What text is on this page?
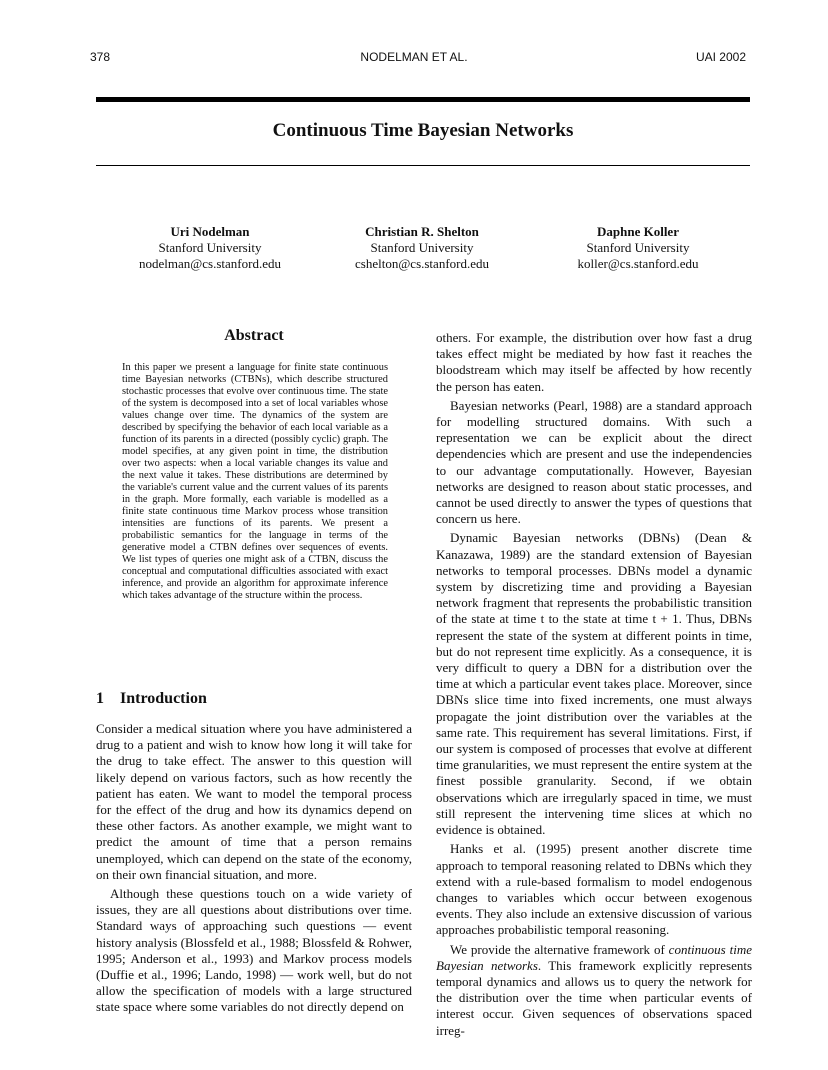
378	NODELMAN ET AL.	UAI 2002
Continuous Time Bayesian Networks
Uri Nodelman
Stanford University
nodelman@cs.stanford.edu
Christian R. Shelton
Stanford University
cshelton@cs.stanford.edu
Daphne Koller
Stanford University
koller@cs.stanford.edu
Abstract
In this paper we present a language for finite state continuous time Bayesian networks (CTBNs), which describe structured stochastic processes that evolve over continuous time. The state of the system is decomposed into a set of local variables whose values change over time. The dynamics of the system are described by specifying the behavior of each local variable as a function of its parents in a directed (possibly cyclic) graph. The model specifies, at any given point in time, the distribution over two aspects: when a local variable changes its value and the next value it takes. These distributions are determined by the variable's current value and the current values of its parents in the graph. More formally, each variable is modelled as a finite state continuous time Markov process whose transition intensities are functions of its parents. We present a probabilistic semantics for the language in terms of the generative model a CTBN defines over sequences of events. We list types of queries one might ask of a CTBN, discuss the conceptual and computational difficulties associated with exact inference, and provide an algorithm for approximate inference which takes advantage of the structure within the process.
1 Introduction

Consider a medical situation where you have administered a drug to a patient and wish to know how long it will take for the drug to take effect. The answer to this question will likely depend on various factors, such as how recently the patient has eaten. We want to model the temporal process for the effect of the drug and how its dynamics depend on these other factors. As another example, we might want to predict the amount of time that a person remains unemployed, which can depend on the state of the economy, on their own financial situation, and more.

Although these questions touch on a wide variety of issues, they are all questions about distributions over time. Standard ways of approaching such questions — event history analysis (Blossfeld et al., 1988; Blossfeld & Rohwer, 1995; Anderson et al., 1993) and Markov process models (Duffie et al., 1996; Lando, 1998) — work well, but do not allow the specification of models with a large structured state space where some variables do not directly depend on

others. For example, the distribution over how fast a drug takes effect might be mediated by how fast it reaches the bloodstream which may itself be affected by how recently the person has eaten.

Bayesian networks (Pearl, 1988) are a standard approach for modelling structured domains. With such a representation we can be explicit about the direct dependencies which are present and use the independencies to our advantage computationally. However, Bayesian networks are designed to reason about static processes, and cannot be used directly to answer the types of questions that concern us here.

Dynamic Bayesian networks (DBNs) (Dean & Kanazawa, 1989) are the standard extension of Bayesian networks to temporal processes. DBNs model a dynamic system by discretizing time and providing a Bayesian network fragment that represents the probabilistic transition of the state at time t to the state at time t + 1. Thus, DBNs represent the state of the system at different points in time, but do not represent time explicitly. As a consequence, it is very difficult to query a DBN for a distribution over the time at which a particular event takes place. Moreover, since DBNs slice time into fixed increments, one must always propagate the joint distribution over the variables at the same rate. This requirement has several limitations. First, if our system is composed of processes that evolve at different time granularities, we must represent the entire system at the finest possible granularity. Second, if we obtain observations which are irregularly spaced in time, we must still represent the intervening time slices at which no evidence is obtained.

Hanks et al. (1995) present another discrete time approach to temporal reasoning related to DBNs which they extend with a rule-based formalism to model endogenous changes to variables which occur between exogenous events. They also include an extensive discussion of various approaches probabilistic temporal reasoning.

We provide the alternative framework of continuous time Bayesian networks. This framework explicitly represents temporal dynamics and allows us to query the network for the distribution over the time when particular events of interest occur. Given sequences of observations spaced irreg-
